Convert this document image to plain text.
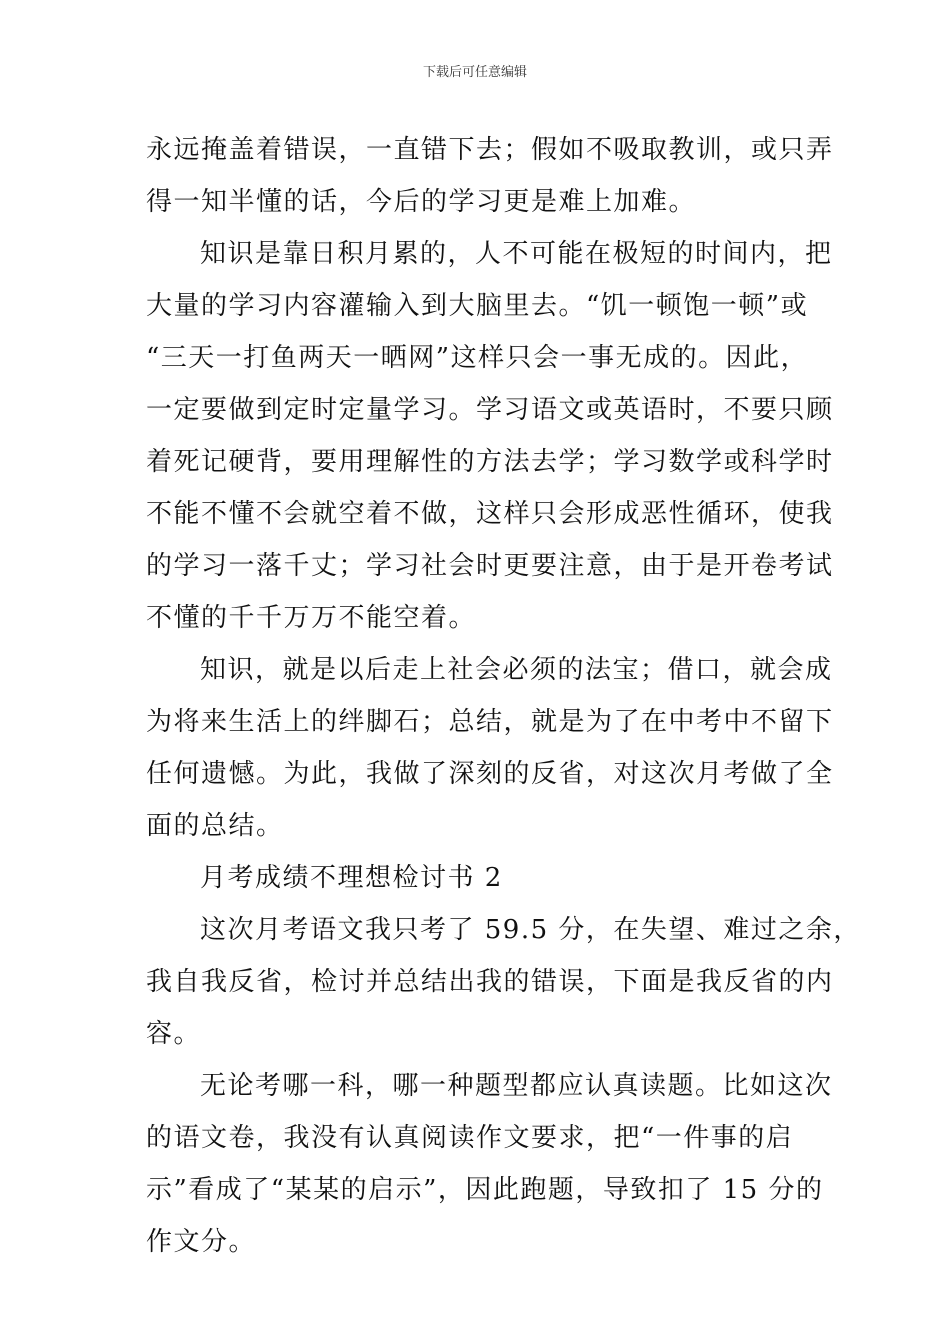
下载后可任意编辑
永远掩盖着错误，一直错下去；假如不吸取教训，或只弄
得一知半懂的话，今后的学习更是难上加难。
知识是靠日积月累的，人不可能在极短的时间内，把
大量的学习内容灌输入到大脑里去。“饥一顿饱一顿”或
“三天一打鱼两天一晒网”这样只会一事无成的。因此，
一定要做到定时定量学习。学习语文或英语时，不要只顾
着死记硬背，要用理解性的方法去学；学习数学或科学时
不能不懂不会就空着不做，这样只会形成恶性循环，使我
的学习一落千丈；学习社会时更要注意，由于是开卷考试
不懂的千千万万不能空着。
知识，就是以后走上社会必须的法宝；借口，就会成
为将来生活上的绊脚石；总结，就是为了在中考中不留下
任何遗憾。为此，我做了深刻的反省，对这次月考做了全
面的总结。
月考成绩不理想检讨书 2
这次月考语文我只考了 59.5 分，在失望、难过之余，
我自我反省，检讨并总结出我的错误，下面是我反省的内
容。
无论考哪一科，哪一种题型都应认真读题。比如这次
的语文卷，我没有认真阅读作文要求，把“一件事的启
示”看成了“某某的启示”，因此跑题，导致扣了 15 分的
作文分。
